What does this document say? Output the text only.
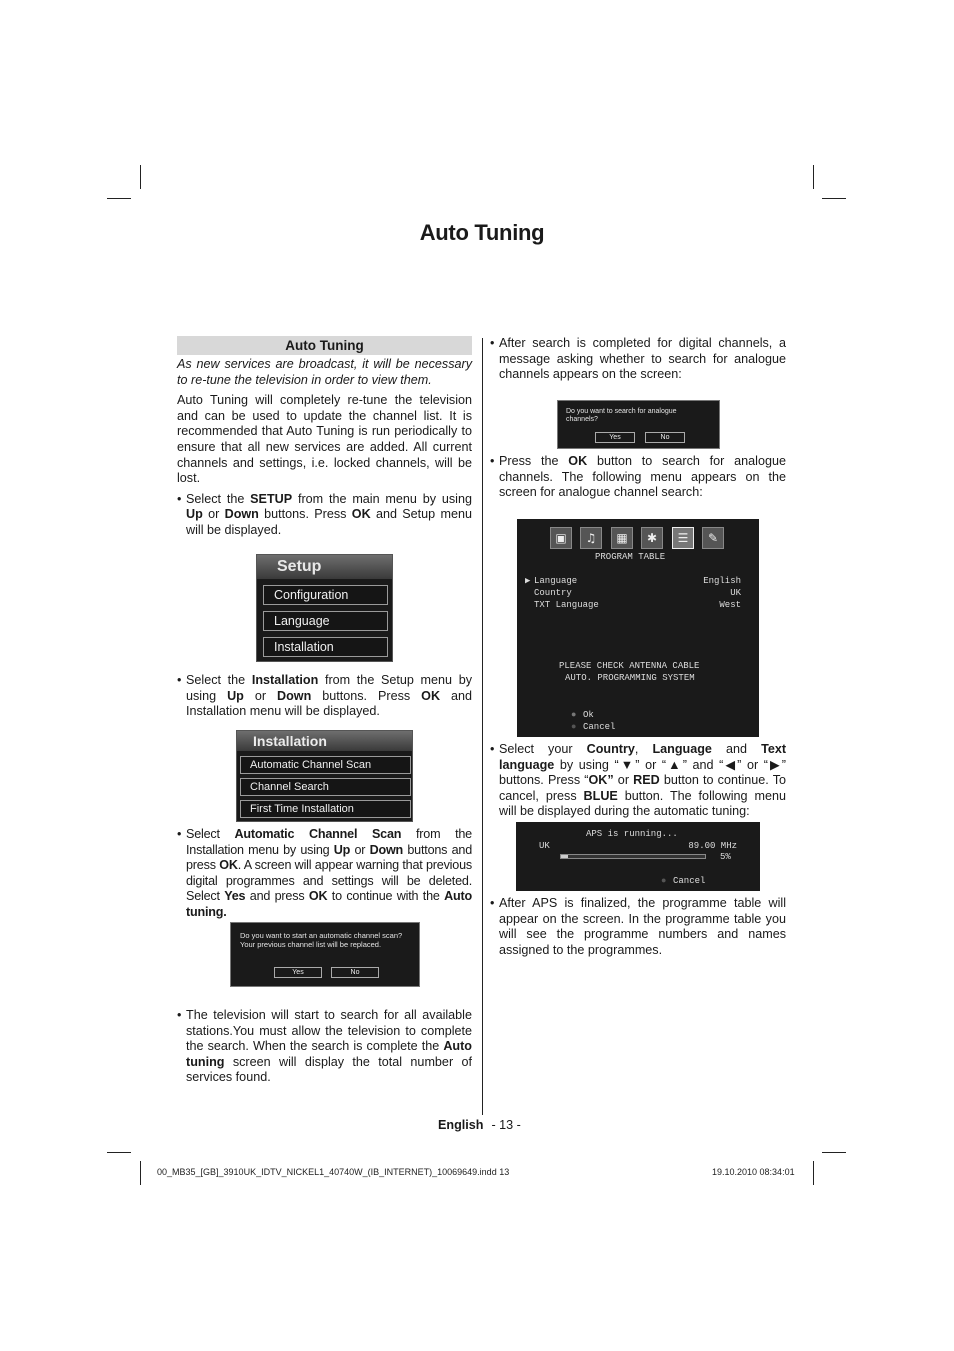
Auto Tuning
Auto Tuning

As new services are broadcast, it will be necessary to re-tune the television in order to view them.

Auto Tuning will completely re-tune the television and can be used to update the channel list. It is recommended that Auto Tuning is run periodically to ensure that all new services are added. All current channels and settings, i.e. locked channels, will be lost.

• Select the SETUP from the main menu by using Up or Down buttons. Press OK and Setup menu will be displayed.
• Select the Installation from the Setup menu by using Up or Down buttons. Press OK and Installation menu will be displayed.
• Select Automatic Channel Scan from the Installation menu by using Up or Down buttons and press OK. A screen will appear warning that previous digital programmes and settings will be deleted. Select Yes and press OK to continue with the Auto tuning.
• The television will start to search for all available stations.You must allow the television to complete the search. When the search is complete the Auto tuning screen will display the total number of services found.
• After search is completed for digital channels, a message asking whether to search for analogue channels appears on the screen:
• Press the OK button to search for analogue channels. The following menu appears on the screen for analogue channel search:
• Select your Country, Language and Text language by using “▼” or “▲” and “◀” or “▶” buttons. Press “OK” or RED button to continue. To cancel, press BLUE button. The following menu will be displayed during the automatic tuning:
• After APS is finalized, the programme table will appear on the screen. In the programme table you will see the programme numbers and names assigned to the programmes.
Setup
Configuration
Language
Installation
Installation
Automatic Channel Scan
Channel Search
First Time Installation
Do you want to start an automatic channel scan? Your previous channel list will be replaced.
Yes	No
Do you want to search for analogue channels?
Yes	No
▣	♫	▦	✱	☰	✎
PROGRAM TABLE
▶ Language	English
Country	UK
TXT Language	West
PLEASE CHECK ANTENNA CABLE
AUTO. PROGRAMMING SYSTEM
● Ok
● Cancel
APS is running...
UK	89.00 MHz
5%
● Cancel
English - 13 -
00_MB35_[GB]_3910UK_IDTV_NICKEL1_40740W_(IB_INTERNET)_10069649.indd 13	19.10.2010 08:34:01
